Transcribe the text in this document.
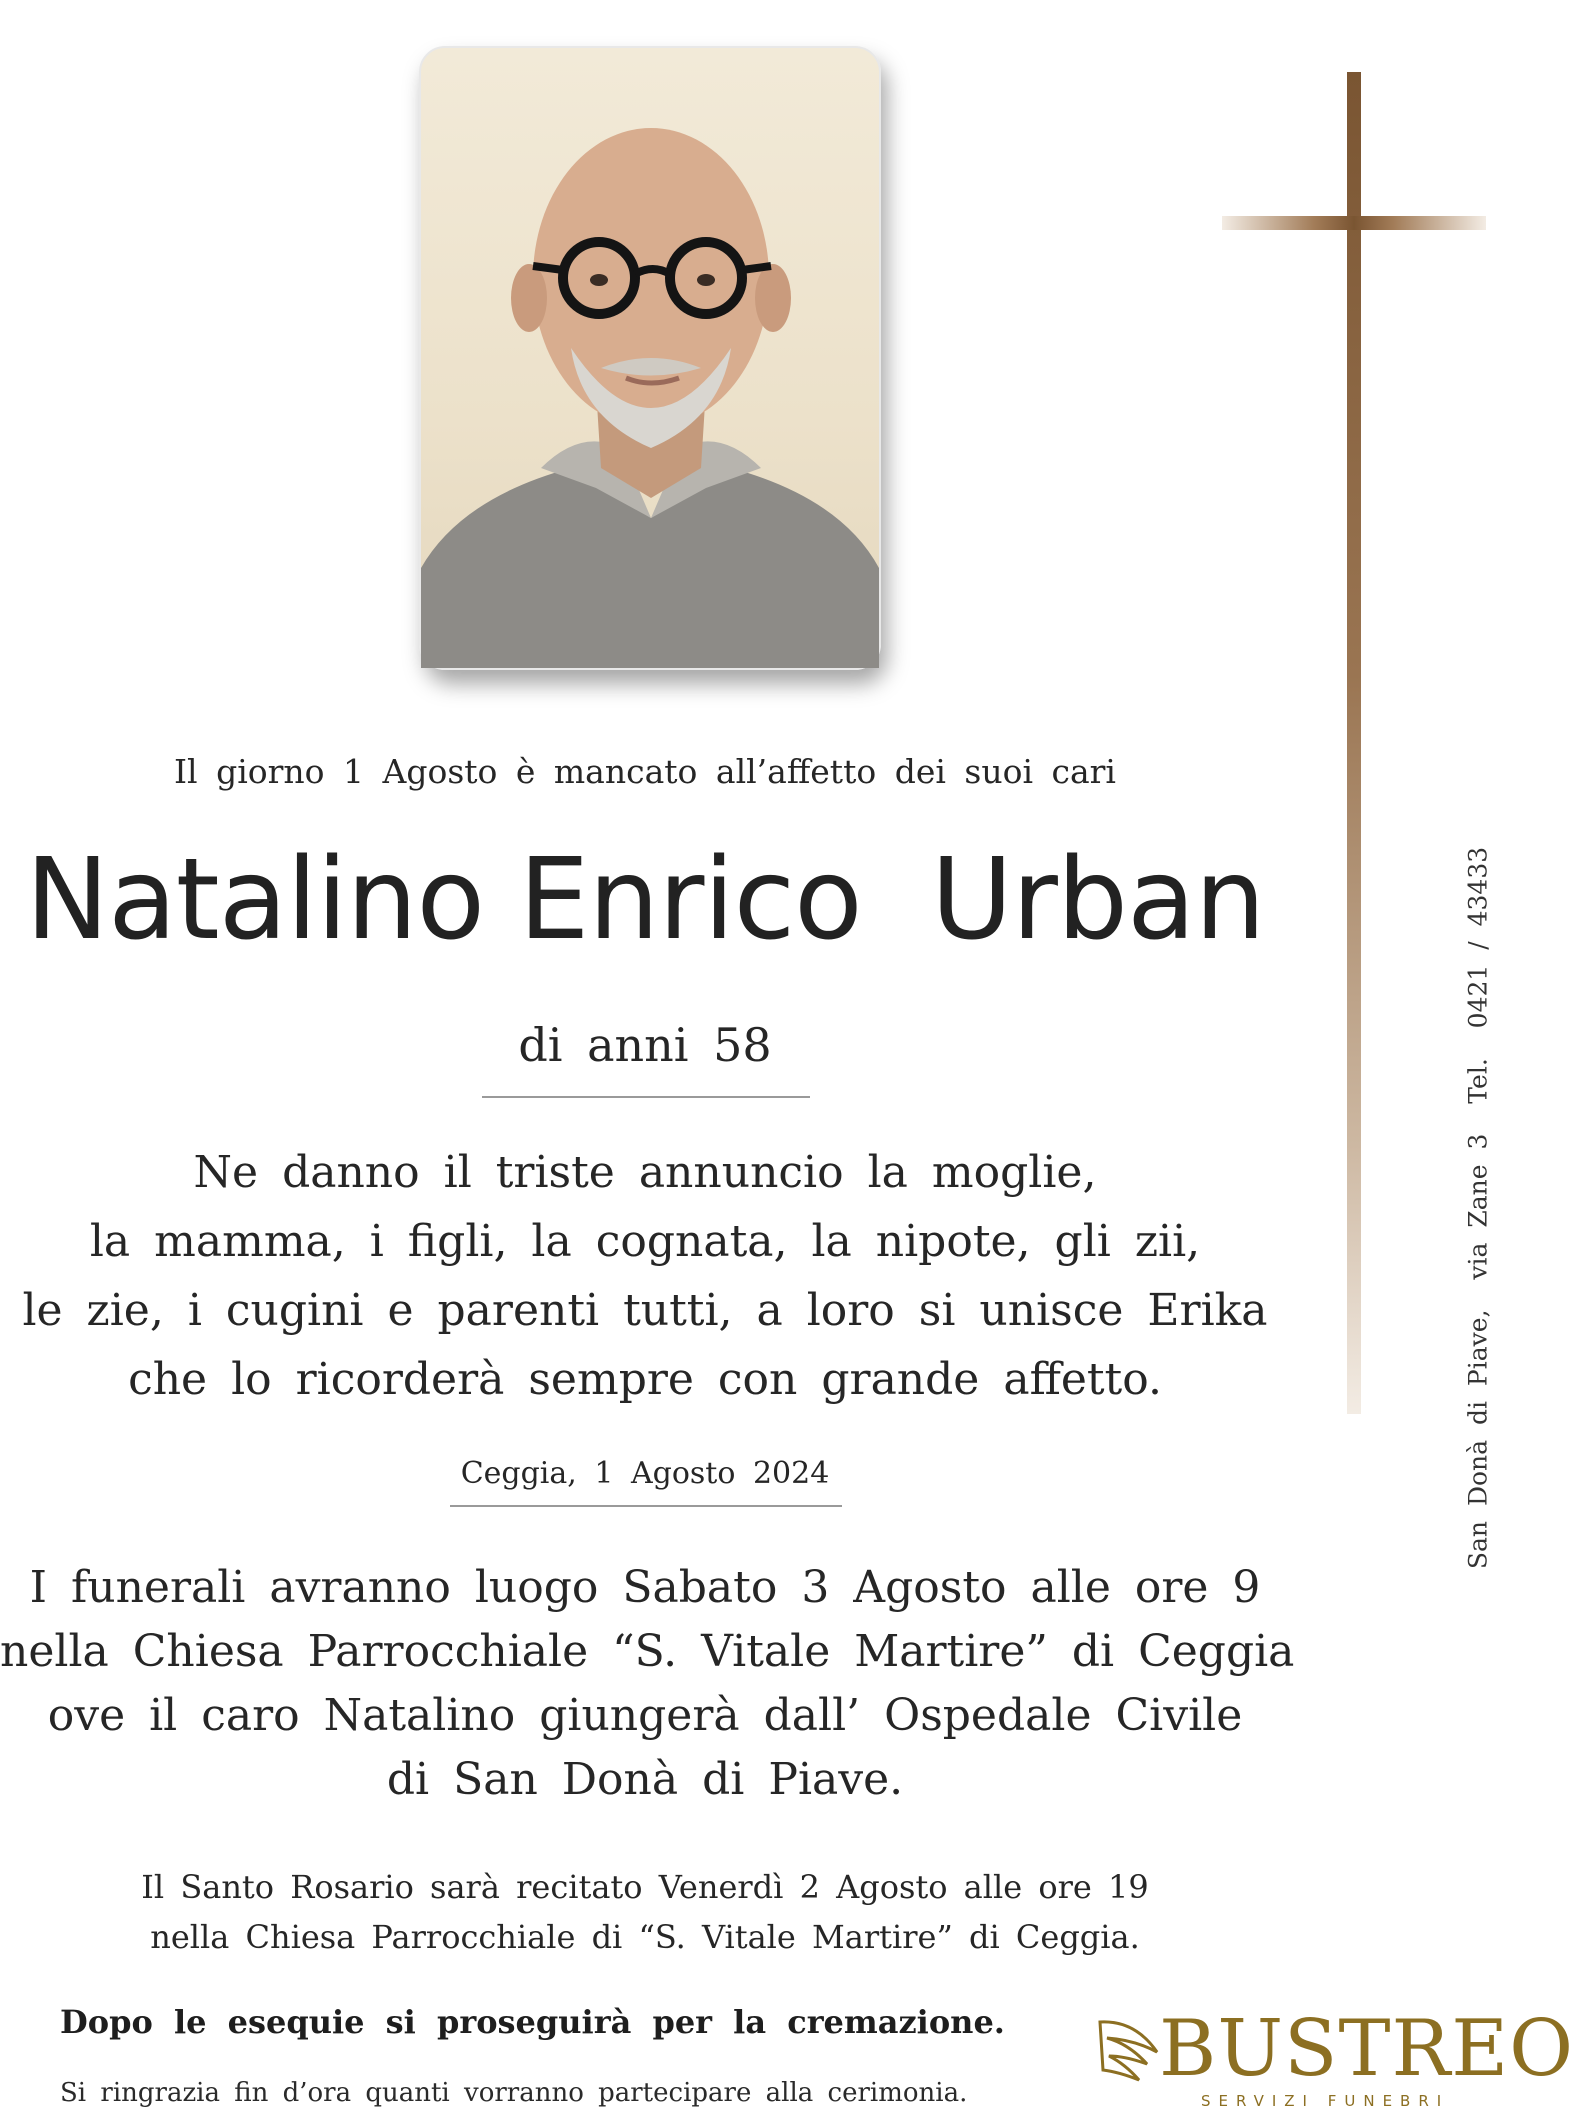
Il giorno 1 Agosto è mancato all’affetto dei suoi cari
Natalino Enrico  Urban
di anni 58
Ne danno il triste annuncio la moglie,
la mamma, i figli, la cognata, la nipote, gli zii,
le zie, i cugini e parenti tutti, a loro si unisce Erika
che lo ricorderà sempre con grande affetto.
Ceggia, 1 Agosto 2024
I funerali avranno luogo Sabato 3 Agosto alle ore 9
nella Chiesa Parrocchiale “S. Vitale Martire” di Ceggia
ove il caro Natalino giungerà dall’ Ospedale Civile
di San Donà di Piave.
Il Santo Rosario sarà recitato Venerdì 2 Agosto alle ore 19
nella Chiesa Parrocchiale di “S. Vitale Martire” di Ceggia.
Dopo le esequie si proseguirà per la cremazione.
Si ringrazia fin d’ora quanti vorranno partecipare alla cerimonia.
San Donà di Piave,  via Zane 3  Tel.  0421 / 43433
BUSTREO
SERVIZI FUNEBRI
